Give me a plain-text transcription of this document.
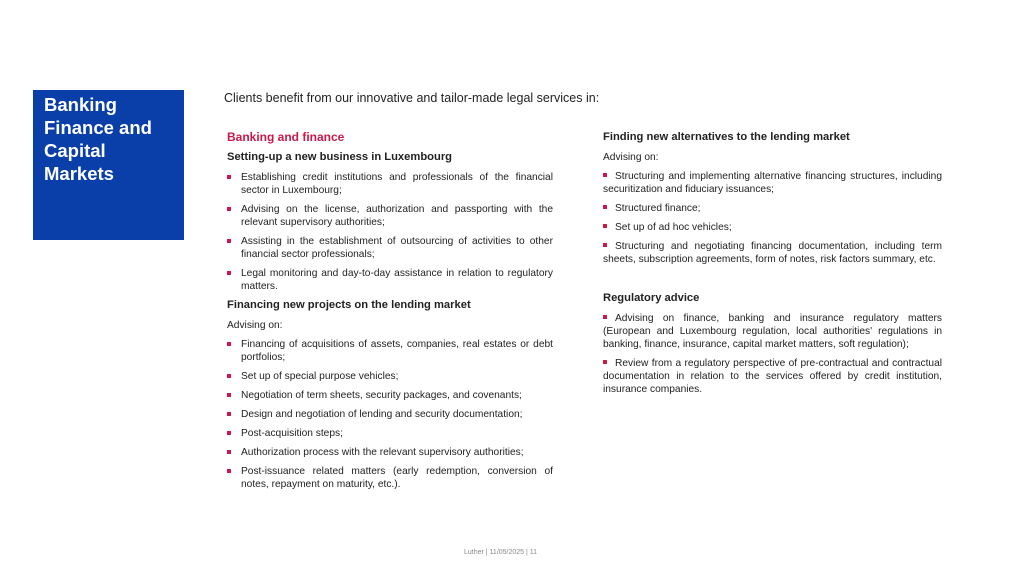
Banking Finance and Capital Markets
Clients benefit from our innovative and tailor-made legal services in:
Banking and finance
Setting-up a new business in Luxembourg
Establishing credit institutions and professionals of the financial sector in Luxembourg;
Advising on the license, authorization and passporting with the relevant supervisory authorities;
Assisting in the establishment of outsourcing of activities to other financial sector professionals;
Legal monitoring and day-to-day assistance in relation to regulatory matters.
Financing new projects on the lending market
Advising on:
Financing of acquisitions of assets, companies, real estates or debt portfolios;
Set up of special purpose vehicles;
Negotiation of term sheets, security packages, and covenants;
Design and negotiation of lending and security documentation;
Post-acquisition steps;
Authorization process with the relevant supervisory authorities;
Post-issuance related matters (early redemption, conversion of notes, repayment on maturity, etc.).
Finding new alternatives to the lending market
Advising on:
Structuring and implementing alternative financing structures, including securitization and fiduciary issuances;
Structured finance;
Set up of ad hoc vehicles;
Structuring and negotiating financing documentation, including term sheets, subscription agreements, form of notes, risk factors summary, etc.
Regulatory advice
Advising on finance, banking and insurance regulatory matters (European and Luxembourg regulation, local authorities' regulations in banking, finance, insurance, capital market matters, soft regulation);
Review from a regulatory perspective of pre-contractual and contractual documentation in relation to the services offered by credit institution, insurance companies.
Luther | 11/05/2025 | 11
